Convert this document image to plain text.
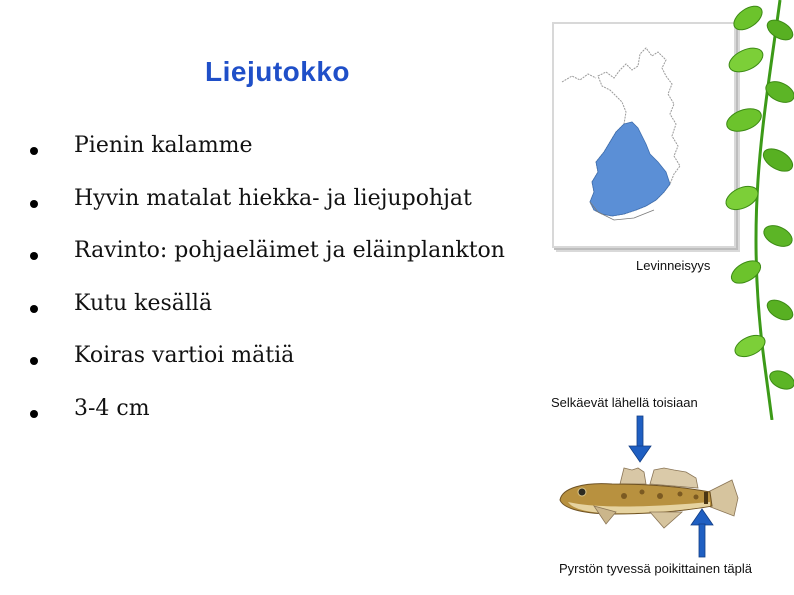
Liejutokko
Pienin kalamme
Hyvin matalat hiekka- ja liejupohjat
Ravinto: pohjaeläimet ja eläinplankton
Kutu kesällä
Koiras vartioi mätiä
3-4 cm
Levinneisyys
Selkäevät lähellä toisiaan
Pyrstön tyvessä poikittainen täplä
